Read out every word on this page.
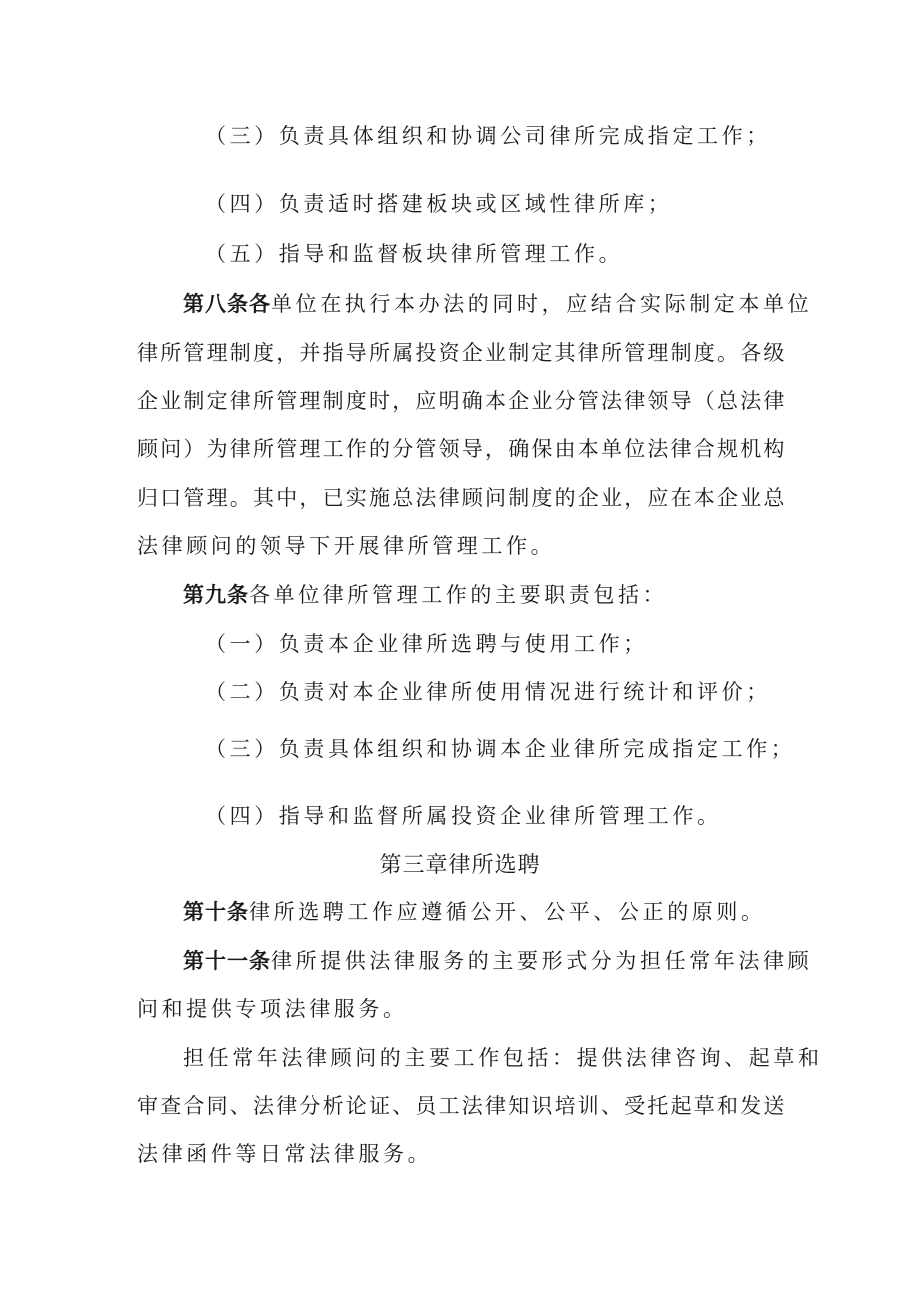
（三）负责具体组织和协调公司律所完成指定工作；
（四）负责适时搭建板块或区域性律所库；
（五）指导和监督板块律所管理工作。
第八条各单位在执行本办法的同时，应结合实际制定本单位
律所管理制度，并指导所属投资企业制定其律所管理制度。各级
企业制定律所管理制度时，应明确本企业分管法律领导（总法律
顾问）为律所管理工作的分管领导，确保由本单位法律合规机构
归口管理。其中，已实施总法律顾问制度的企业，应在本企业总
法律顾问的领导下开展律所管理工作。
第九条各单位律所管理工作的主要职责包括：
（一）负责本企业律所选聘与使用工作；
（二）负责对本企业律所使用情况进行统计和评价；
（三）负责具体组织和协调本企业律所完成指定工作；
（四）指导和监督所属投资企业律所管理工作。
第三章律所选聘
第十条律所选聘工作应遵循公开、公平、公正的原则。
第十一条律所提供法律服务的主要形式分为担任常年法律顾
问和提供专项法律服务。
担任常年法律顾问的主要工作包括：提供法律咨询、起草和
审查合同、法律分析论证、员工法律知识培训、受托起草和发送
法律函件等日常法律服务。
